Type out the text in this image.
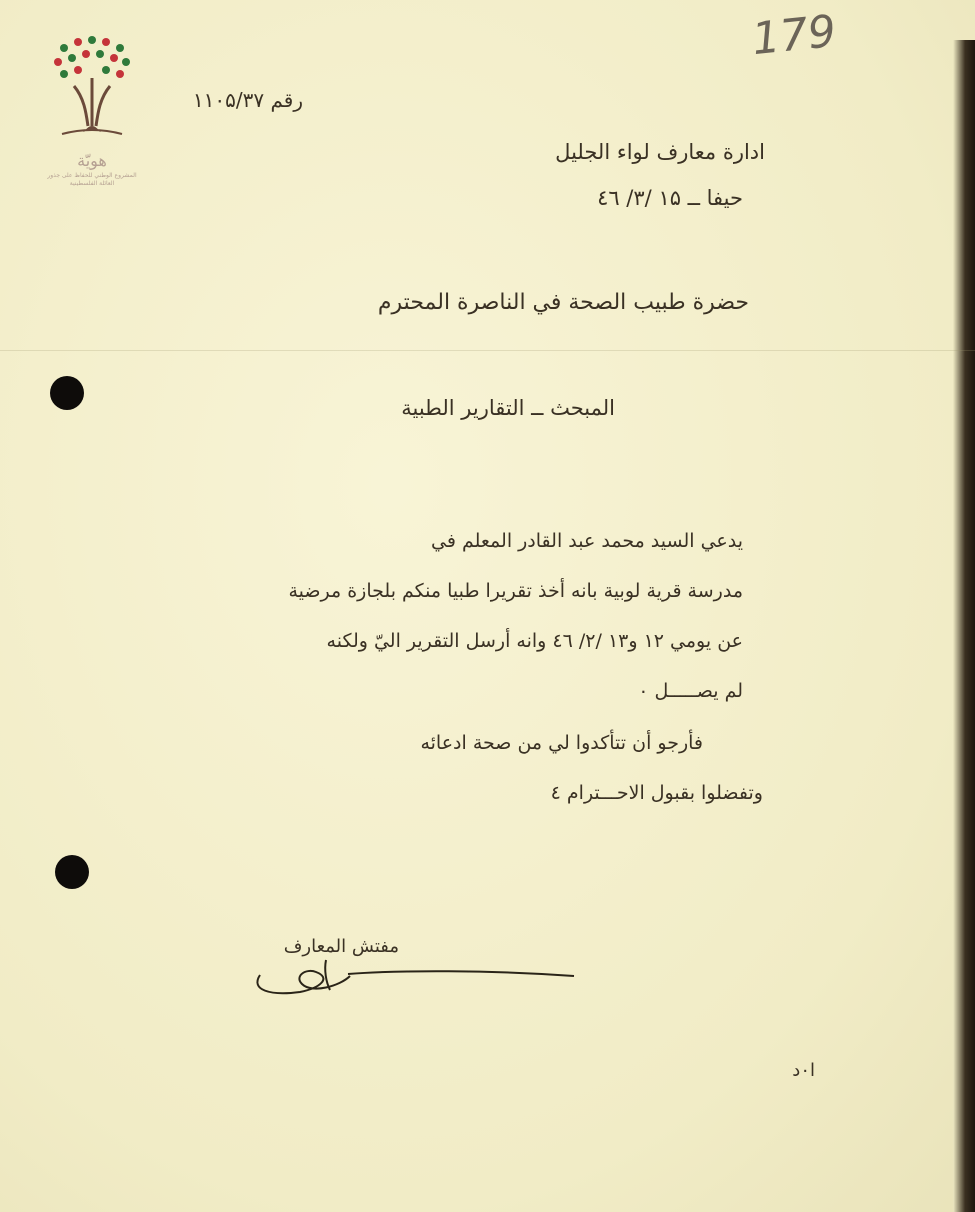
هويّة
المشروع الوطني للحفاظ على جذور العائلة الفلسطينية
179
رقم ۱۱۰۵/۳۷
ادارة معارف لواء الجليل
حيفا ــ ۱۵ /۳/ ٤٦
حضرة طبيب الصحة في الناصرة المحترم
المبحث ــ التقارير الطبية
يدعي السيد محمد عبد القادر المعلم في
مدرسة قرية لوبية بانه أخذ تقريرا طبيا منكم بلجازة مرضية
عن يومي ۱۲ و۱۳ /۲/ ٤٦ وانه أرسل التقرير اليّ ولكنه
لم يصـــــل ٠
فأرجو أن تتأكدوا لي من صحة ادعائه
وتفضلوا بقبول الاحـــترام ٤
مفتش المعارف
ا٠د
